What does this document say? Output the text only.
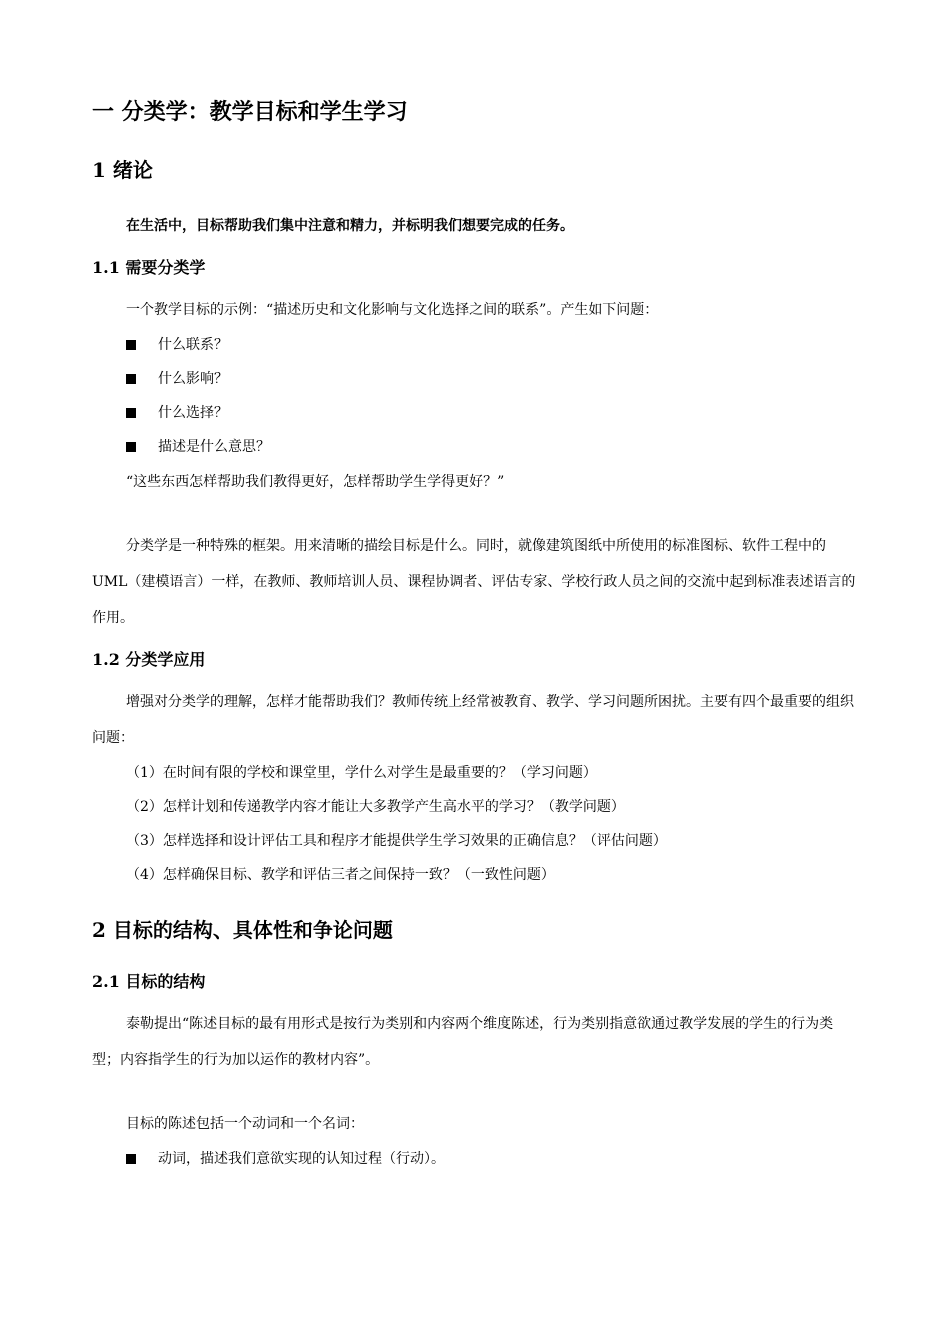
一 分类学：教学目标和学生学习
1 绪论

在生活中，目标帮助我们集中注意和精力，并标明我们想要完成的任务。

1.1 需要分类学

一个教学目标的示例：“描述历史和文化影响与文化选择之间的联系”。产生如下问题：

什么联系？
什么影响？
什么选择？
描述是什么意思？

“这些东西怎样帮助我们教得更好，怎样帮助学生学得更好？”

分类学是一种特殊的框架。用来清晰的描绘目标是什么。同时，就像建筑图纸中所使用的标准图标、软件工程中的 UML（建模语言）一样，在教师、教师培训人员、课程协调者、评估专家、学校行政人员之间的交流中起到标准表述语言的作用。

1.2 分类学应用

增强对分类学的理解，怎样才能帮助我们？教师传统上经常被教育、教学、学习问题所困扰。主要有四个最重要的组织问题：

（1）在时间有限的学校和课堂里，学什么对学生是最重要的？（学习问题）

（2）怎样计划和传递教学内容才能让大多教学产生高水平的学习？（教学问题）

（3）怎样选择和设计评估工具和程序才能提供学生学习效果的正确信息？（评估问题）

（4）怎样确保目标、教学和评估三者之间保持一致？（一致性问题）

2 目标的结构、具体性和争论问题
2.1 目标的结构

泰勒提出“陈述目标的最有用形式是按行为类别和内容两个维度陈述，行为类别指意欲通过教学发展的学生的行为类型；内容指学生的行为加以运作的教材内容”。

目标的陈述包括一个动词和一个名词：

动词，描述我们意欲实现的认知过程（行动）。
